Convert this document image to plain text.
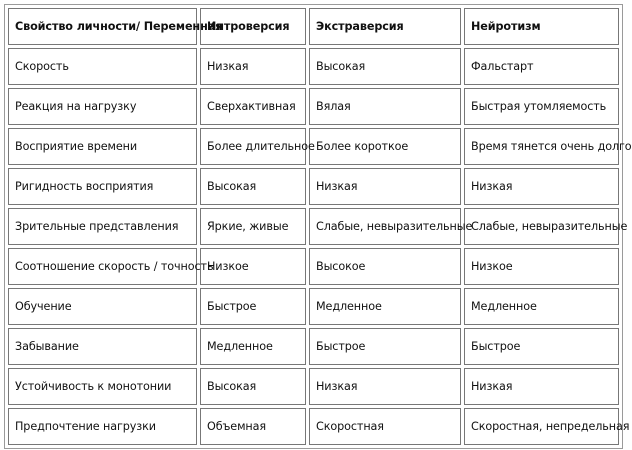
Свойство личности/ Переменная	Интроверсия	Экстраверсия	Нейротизм
Скорость	Низкая	Высокая	Фальстарт
Реакция на нагрузку	Сверхактивная	Вялая	Быстрая утомляемость
Восприятие времени	Более длительное	Более короткое	Время тянется очень долго
Ригидность восприятия	Высокая	Низкая	Низкая
Зрительные представления	Яркие, живые	Слабые, невыразительные	Слабые, невыразительные
Соотношение скорость / точность	Низкое	Высокое	Низкое
Обучение	Быстрое	Медленное	Медленное
Забывание	Медленное	Быстрое	Быстрое
Устойчивость к монотонии	Высокая	Низкая	Низкая
Предпочтение нагрузки	Объемная	Скоростная	Скоростная, непредельная
